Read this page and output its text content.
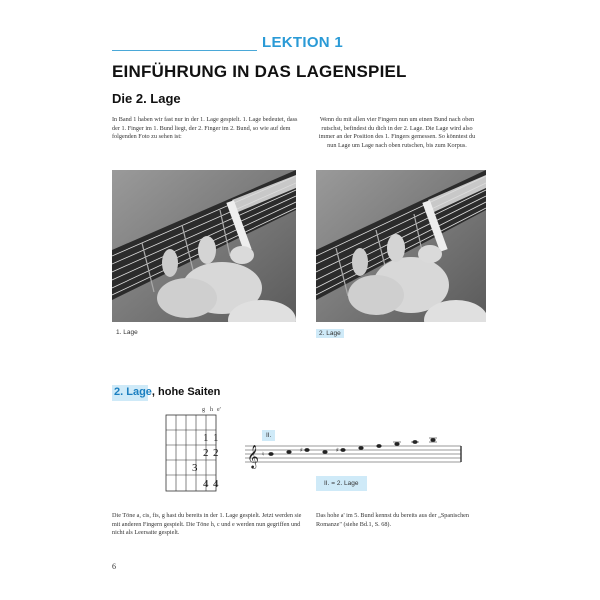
LEKTION 1
EINFÜHRUNG IN DAS LAGENSPIEL
Die 2. Lage
In Band 1 haben wir fast nur in der 1. Lage gespielt. 1. Lage bedeutet, dass der 1. Finger im 1. Bund liegt, der 2. Finger im 2. Bund, so wie auf dem folgenden Foto zu sehen ist:
Wenn du mit allen vier Fingern nun um einen Bund nach oben rutschst, befindest du dich in der 2. Lage. Die Lage wird also immer an der Position des 1. Fingers gemessen. So könntest du nun Lage um Lage nach oben rutschen, bis zum Korpus.
1. Lage	2. Lage
2. Lage, hohe Saiten
g h e'
1 1
2 2
3
4 4
𝄞 ♮
♯	♯
II.
II. = 2. Lage
Die Töne a, cis, fis, g hast du bereits in der 1. Lage gespielt. Jetzt werden sie mit anderen Fingern gespielt. Die Töne h, c und e werden nun gegriffen und nicht als Leersaite gespielt.
Das hohe a' im 5. Bund kennst du bereits aus der „Spanischen Romanze" (siehe Bd.1, S. 68).
6
